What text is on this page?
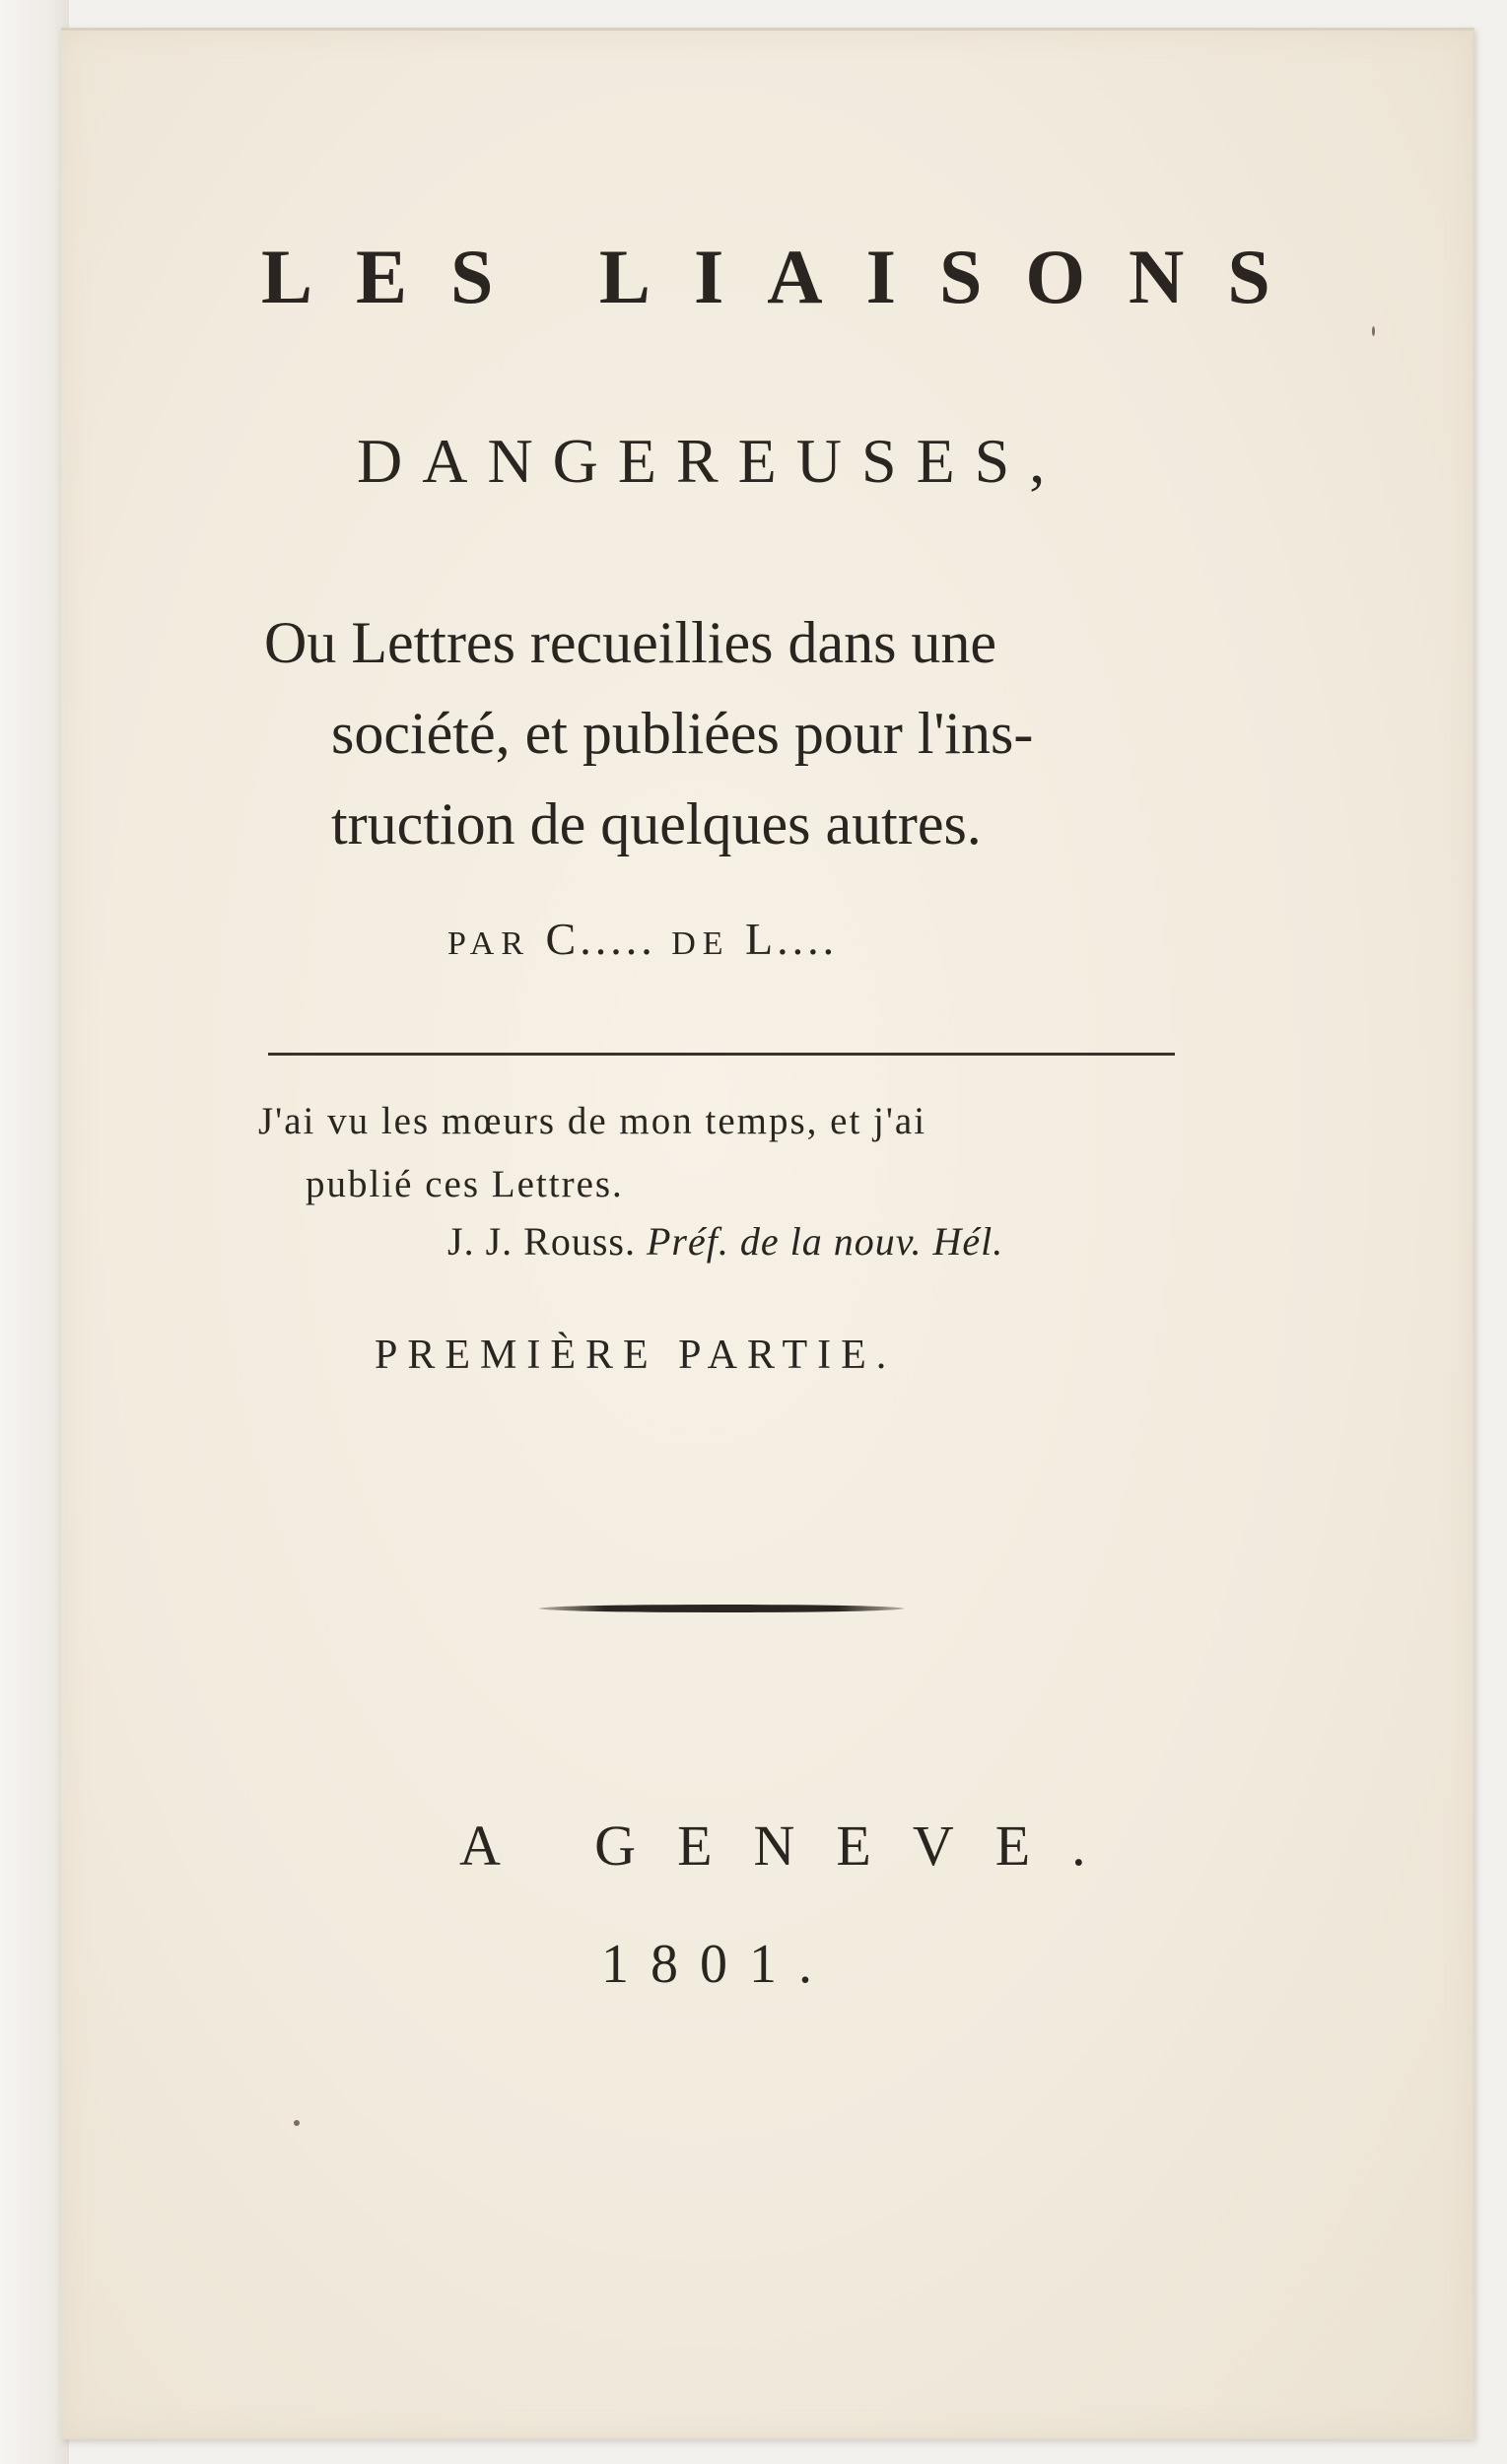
LES LIAISONS
DANGEREUSES,
Ou Lettres recueillies dans une
société, et publiées pour l'ins-
truction de quelques autres.
PAR C..... DE L....
J'ai vu les mœurs de mon temps, et j'ai
publié ces Lettres.
J. J. Rouss. Préf. de la nouv. Hél.
PREMIÈRE PARTIE.
A GENEVE.
1801.
